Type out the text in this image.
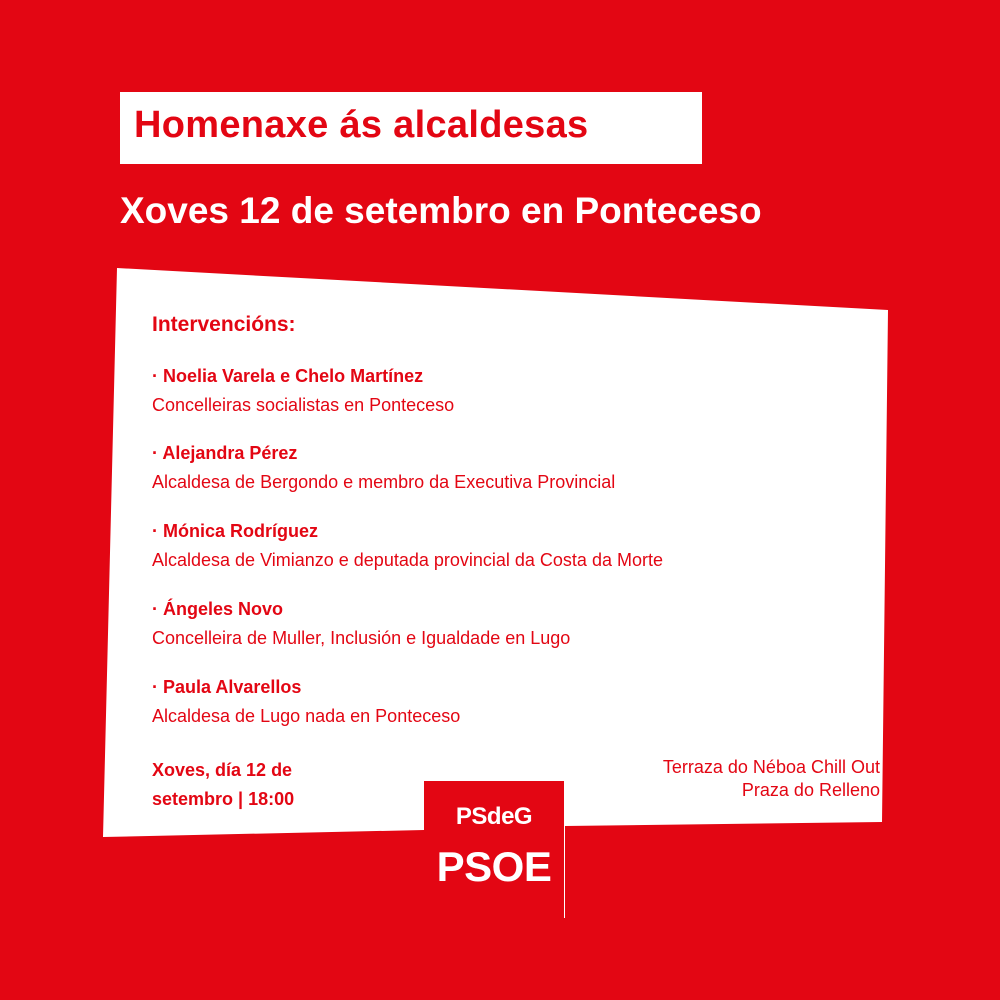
Homenaxe ás alcaldesas
Xoves 12 de setembro en Ponteceso
Intervencións:
· Noelia Varela e Chelo Martínez
Concelleiras socialistas en Ponteceso
· Alejandra Pérez
Alcaldesa de Bergondo e membro da Executiva Provincial
· Mónica Rodríguez
Alcaldesa de Vimianzo e deputada provincial da Costa da Morte
· Ángeles Novo
Concelleira de Muller, Inclusión e Igualdade en Lugo
· Paula Alvarellos
Alcaldesa de Lugo nada en Ponteceso
Xoves, día 12 de
setembro | 18:00
Terraza do Néboa Chill Out
Praza do Relleno
PSdeG
PSOE
